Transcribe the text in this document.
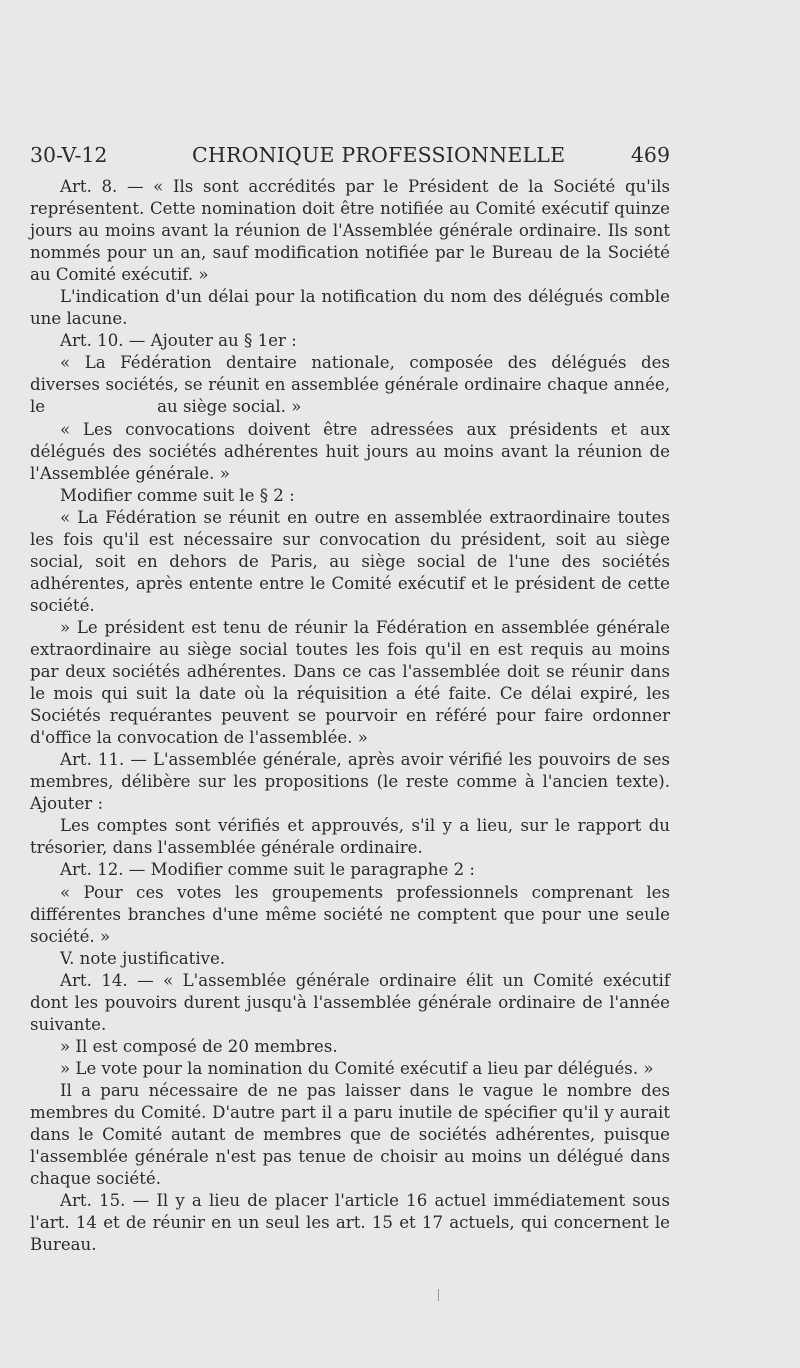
30-V-12	CHRONIQUE PROFESSIONNELLE	469

Art. 8. — « Ils sont accrédités par le Président de la Société qu'ils représentent. Cette nomination doit être notifiée au Comité exécutif quinze jours au moins avant la réunion de l'Assemblée générale ordinaire. Ils sont nommés pour un an, sauf modification notifiée par le Bureau de la Société au Comité exécutif. »

L'indication d'un délai pour la notification du nom des délégués comble une lacune.

Art. 10. — Ajouter au § 1er :

« La Fédération dentaire nationale, composée des délégués des diverses sociétés, se réunit en assemblée générale ordinaire chaque année, le	au siège social. »

« Les convocations doivent être adressées aux présidents et aux délégués des sociétés adhérentes huit jours au moins avant la réunion de l'Assemblée générale. »

Modifier comme suit le § 2 :

« La Fédération se réunit en outre en assemblée extraordinaire toutes les fois qu'il est nécessaire sur convocation du président, soit au siège social, soit en dehors de Paris, au siège social de l'une des sociétés adhérentes, après entente entre le Comité exécutif et le président de cette société.

» Le président est tenu de réunir la Fédération en assemblée générale extraordinaire au siège social toutes les fois qu'il en est requis au moins par deux sociétés adhérentes. Dans ce cas l'assemblée doit se réunir dans le mois qui suit la date où la réquisition a été faite. Ce délai expiré, les Sociétés requérantes peuvent se pourvoir en référé pour faire ordonner d'office la convocation de l'assemblée. »

Art. 11. — L'assemblée générale, après avoir vérifié les pouvoirs de ses membres, délibère sur les propositions (le reste comme à l'ancien texte). Ajouter :

Les comptes sont vérifiés et approuvés, s'il y a lieu, sur le rapport du trésorier, dans l'assemblée générale ordinaire.

Art. 12. — Modifier comme suit le paragraphe 2 :

« Pour ces votes les groupements professionnels comprenant les différentes branches d'une même société ne comptent que pour une seule société. »

V. note justificative.

Art. 14. — « L'assemblée générale ordinaire élit un Comité exécutif dont les pouvoirs durent jusqu'à l'assemblée générale ordinaire de l'année suivante.

» Il est composé de 20 membres.

» Le vote pour la nomination du Comité exécutif a lieu par délégués. »

Il a paru nécessaire de ne pas laisser dans le vague le nombre des membres du Comité. D'autre part il a paru inutile de spécifier qu'il y aurait dans le Comité autant de membres que de sociétés adhérentes, puisque l'assemblée générale n'est pas tenue de choisir au moins un délégué dans chaque société.

Art. 15. — Il y a lieu de placer l'article 16 actuel immédiatement sous l'art. 14 et de réunir en un seul les art. 15 et 17 actuels, qui concernent le Bureau.
